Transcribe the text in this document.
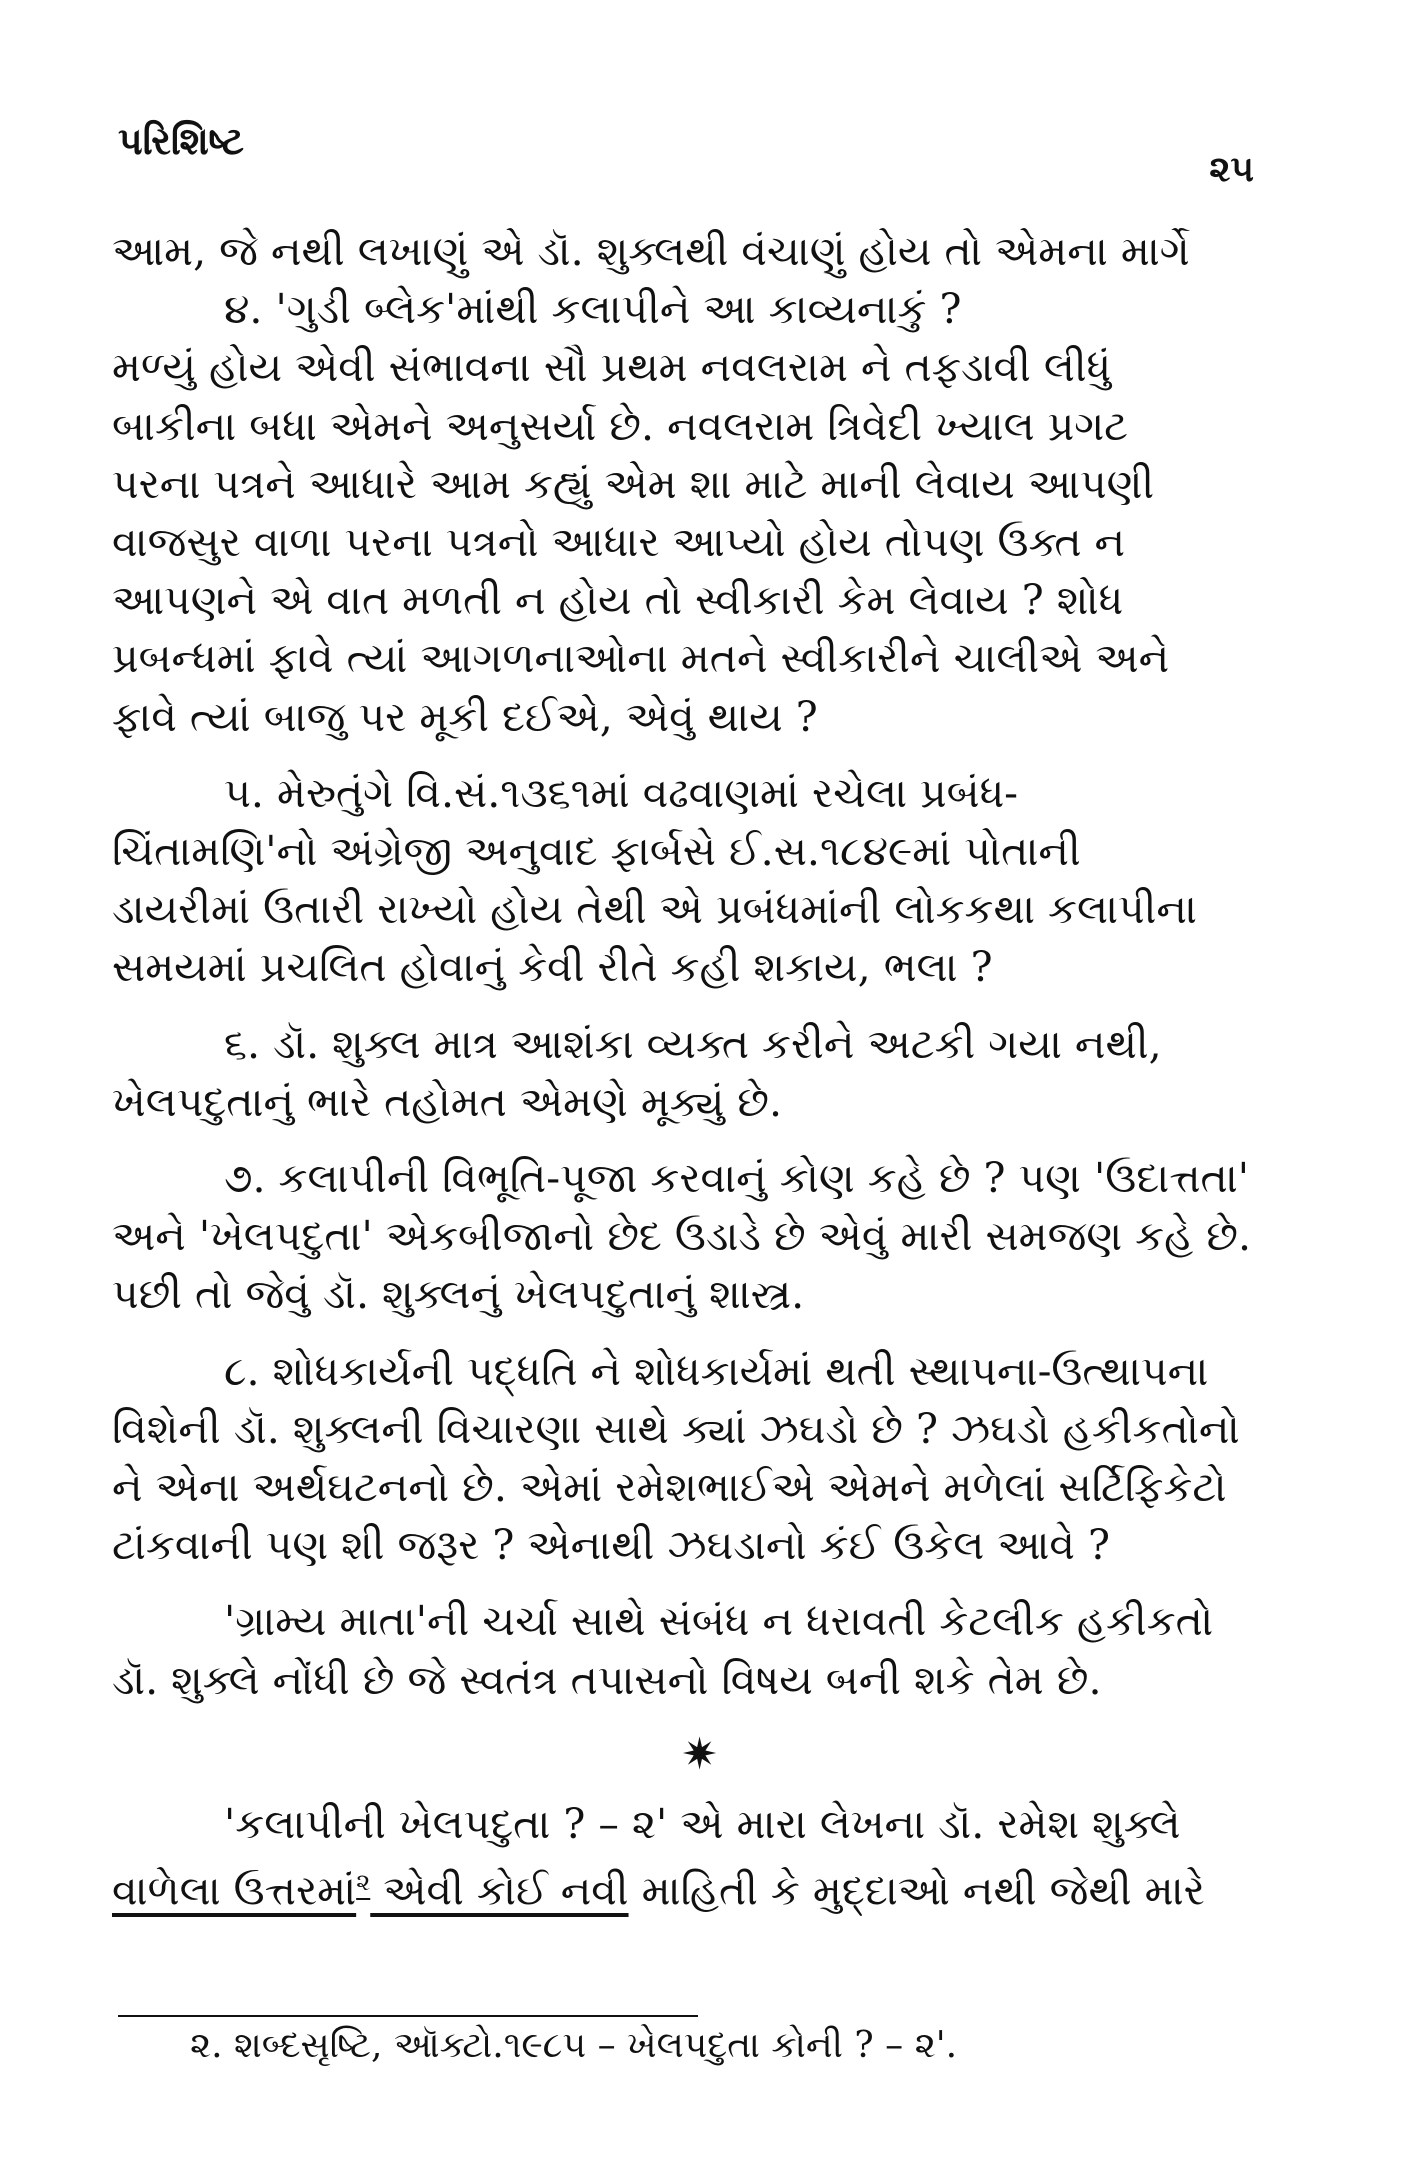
પરિશિષ્ટ
૨૫

આમ, જે નથી લખાણું એ ડૉ. શુક્લથી વંચાણું હોય તો એમના માર્ગે

૪. 'ગુડી બ્લેક'માંથી કલાપીને આ કાવ્યનાકું ?
મળ્યું હોય એવી સંભાવના સૌ પ્રથમ નવલરામ ને તફડાવી લીધું
બાકીના બધા એમને અનુસર્યા છે. નવલરામ ત્રિવેદી ખ્યાલ પ્રગટ
પરના પત્રને આધારે આમ કહ્યું એમ શા માટે માની લેવાય આપણી
વાજસુર વાળા પરના પત્રનો આધાર આપ્યો હોય તોપણ ઉક્ત ન
આપણને એ વાત મળતી ન હોય તો સ્વીકારી કેમ લેવાય ? શોધ
પ્રબન્ધમાં ફાવે ત્યાં આગળનાઓના મતને સ્વીકારીને ચાલીએ અને
ફાવે ત્યાં બાજુ પર મૂકી દઈએ, એવું થાય ?

૫. મેરુતુંગે વિ.સં.૧૩૬૧માં વઢવાણમાં રચેલા પ્રબંધ-
ચિંતામણિ'નો અંગ્રેજી અનુવાદ ફાર્બસે ઈ.સ.૧૮૪૯માં પોતાની
ડાયરીમાં ઉતારી રાખ્યો હોય તેથી એ પ્રબંધમાંની લોકકથા કલાપીના
સમયમાં પ્રચલિત હોવાનું કેવી રીતે કહી શકાય, ભલા ?

૬. ડૉ. શુક્લ માત્ર આશંકા વ્યક્ત કરીને અટકી ગયા નથી,
ખેલપદુતાનું ભારે તહોમત એમણે મૂક્યું છે.

૭. કલાપીની વિભૂતિ-પૂજા કરવાનું કોણ કહે છે ? પણ 'ઉદાત્તતા'
અને 'ખેલપદુતા' એકબીજાનો છેદ ઉડાડે છે એવું મારી સમજણ કહે છે.
પછી તો જેવું ડૉ. શુક્લનું ખેલપદુતાનું શાસ્ત્ર.

૮. શોધકાર્યની પદ્ધતિ ને શોધકાર્યમાં થતી સ્થાપના-ઉત્થાપના
વિશેની ડૉ. શુક્લની વિચારણા સાથે ક્યાં ઝઘડો છે ? ઝઘડો હકીકતોનો
ને એના અર્થઘટનનો છે. એમાં રમેશભાઈએ એમને મળેલાં સર્ટિફિકેટો
ટાંકવાની પણ શી જરૂર ? એનાથી ઝઘડાનો કંઈ ઉકેલ આવે ?

'ગ્રામ્ય માતા'ની ચર્ચા સાથે સંબંધ ન ધરાવતી કેટલીક હકીકતો
ડૉ. શુક્લે નોંધી છે જે સ્વતંત્ર તપાસનો વિષય બની શકે તેમ છે.

✷

'કલાપીની ખેલપદુતા ? – ૨' એ મારા લેખના ડૉ. રમેશ શુક્લે
વાળેલા ઉત્તરમાં$^૨$ એવી કોઈ નવી માહિતી કે મુદ્દાઓ નથી જેથી મારે

૨. શબ્દસૃષ્ટિ, ઑક્ટો.૧૯૮૫ – ખેલપદુતા કોની ? – ૨'.
